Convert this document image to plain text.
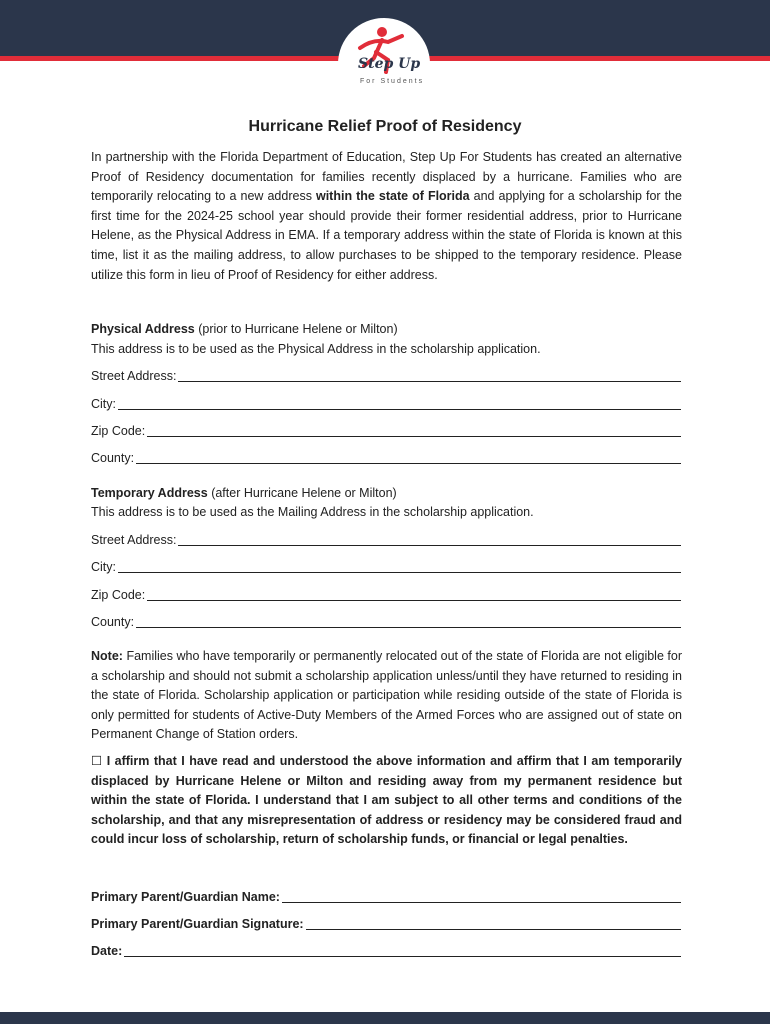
Step Up
For Students
Hurricane Relief Proof of Residency

In partnership with the Florida Department of Education, Step Up For Students has created an alternative Proof of Residency documentation for families recently displaced by a hurricane. Families who are temporarily relocating to a new address within the state of Florida and applying for a scholarship for the first time for the 2024-25 school year should provide their former residential address, prior to Hurricane Helene, as the Physical Address in EMA. If a temporary address within the state of Florida is known at this time, list it as the mailing address, to allow purchases to be shipped to the temporary residence. Please utilize this form in lieu of Proof of Residency for either address.

Physical Address (prior to Hurricane Helene or Milton)
This address is to be used as the Physical Address in the scholarship application.
Street Address:
City:
Zip Code:
County:
Temporary Address (after Hurricane Helene or Milton)
This address is to be used as the Mailing Address in the scholarship application.
Street Address:
City:
Zip Code:
County:

Note: Families who have temporarily or permanently relocated out of the state of Florida are not eligible for a scholarship and should not submit a scholarship application unless/until they have returned to residing in the state of Florida. Scholarship application or participation while residing outside of the state of Florida is only permitted for students of Active-Duty Members of the Armed Forces who are assigned out of state on Permanent Change of Station orders.

☐ I affirm that I have read and understood the above information and affirm that I am temporarily displaced by Hurricane Helene or Milton and residing away from my permanent residence but within the state of Florida. I understand that I am subject to all other terms and conditions of the scholarship, and that any misrepresentation of address or residency may be considered fraud and could incur loss of scholarship, return of scholarship funds, or financial or legal penalties.

Primary Parent/Guardian Name:
Primary Parent/Guardian Signature:
Date:
